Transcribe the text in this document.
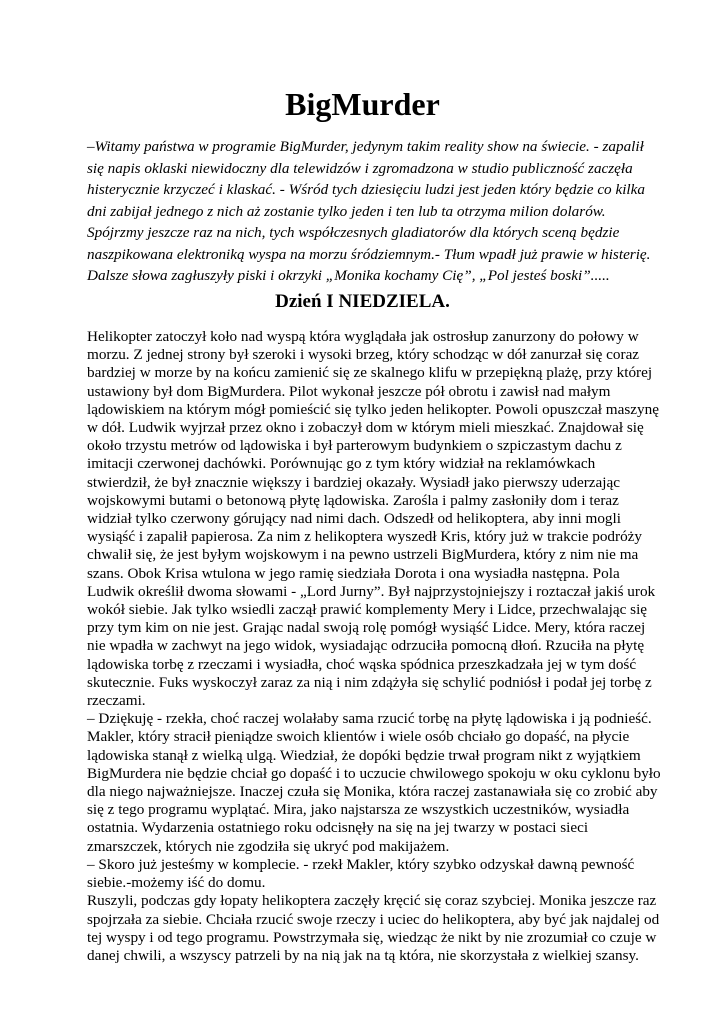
BigMurder
–Witamy państwa w programie BigMurder, jedynym takim reality show na świecie. - zapalił
się napis oklaski niewidoczny dla telewidzów i zgromadzona w studio publiczność zaczęła
histerycznie krzyczeć i klaskać. - Wśród tych dziesięciu ludzi jest jeden który będzie co kilka
dni zabijał jednego z nich aż zostanie tylko jeden i ten lub ta otrzyma milion dolarów.
Spójrzmy jeszcze raz na nich, tych współczesnych gladiatorów dla których sceną będzie
naszpikowana elektroniką wyspa na morzu śródziemnym.- Tłum wpadł już prawie w histerię.
Dalsze słowa zagłuszyły piski i okrzyki „Monika kochamy Cię”, „Pol jesteś boski”.....
Dzień I NIEDZIELA.
Helikopter zatoczył koło nad wyspą która wyglądała jak ostrosłup zanurzony do połowy w
morzu. Z jednej strony był szeroki i wysoki brzeg, który schodząc w dół zanurzał się coraz
bardziej w morze by na końcu zamienić się ze skalnego klifu w przepiękną plażę, przy której
ustawiony był dom BigMurdera. Pilot wykonał jeszcze pół obrotu i zawisł nad małym
lądowiskiem na którym mógł pomieścić się tylko jeden helikopter. Powoli opuszczał maszynę
w dół. Ludwik wyjrzał przez okno i zobaczył dom w którym mieli mieszkać. Znajdował się
około trzystu metrów od lądowiska i był parterowym budynkiem o szpiczastym dachu z
imitacji czerwonej dachówki. Porównując go z tym który widział na reklamówkach
stwierdził, że był znacznie większy i bardziej okazały. Wysiadł jako pierwszy uderzając
wojskowymi butami o betonową płytę lądowiska. Zarośla i palmy zasłoniły dom i teraz
widział tylko czerwony górujący nad nimi dach. Odszedł od helikoptera, aby inni mogli
wysiąść i zapalił papierosa. Za nim z helikoptera wyszedł Kris, który już w trakcie podróży
chwalił się, że jest byłym wojskowym i na pewno ustrzeli BigMurdera, który z nim nie ma
szans. Obok Krisa wtulona w jego ramię siedziała Dorota i ona wysiadła następna. Pola
Ludwik określił dwoma słowami - „Lord Jurny”. Był najprzystojniejszy i roztaczał jakiś urok
wokół siebie. Jak tylko wsiedli zaczął prawić komplementy Mery i Lidce, przechwalając się
przy tym kim on nie jest. Grając nadal swoją rolę pomógł wysiąść Lidce. Mery, która raczej
nie wpadła w zachwyt na jego widok, wysiadając odrzuciła pomocną dłoń. Rzuciła na płytę
lądowiska torbę z rzeczami i wysiadła, choć wąska spódnica przeszkadzała jej w tym dość
skutecznie. Fuks wyskoczył zaraz za nią i nim zdążyła się schylić podniósł i podał jej torbę z
rzeczami.
– Dziękuję - rzekła, choć raczej wolałaby sama rzucić torbę na płytę lądowiska i ją podnieść.
Makler, który stracił pieniądze swoich klientów i wiele osób chciało go dopaść, na płycie
lądowiska stanął z wielką ulgą. Wiedział, że dopóki będzie trwał program nikt z wyjątkiem
BigMurdera nie będzie chciał go dopaść i to uczucie chwilowego spokoju w oku cyklonu było
dla niego najważniejsze. Inaczej czuła się Monika, która raczej zastanawiała się co zrobić aby
się z tego programu wyplątać. Mira, jako najstarsza ze wszystkich uczestników, wysiadła
ostatnia. Wydarzenia ostatniego roku odcisnęły na się na jej twarzy w postaci sieci
zmarszczek, których nie zgodziła się ukryć pod makijażem.
– Skoro już jesteśmy w komplecie. - rzekł Makler, który szybko odzyskał dawną pewność
siebie.-możemy iść do domu.
Ruszyli, podczas gdy łopaty helikoptera zaczęły kręcić się coraz szybciej. Monika jeszcze raz
spojrzała za siebie. Chciała rzucić swoje rzeczy i uciec do helikoptera, aby być jak najdalej od
tej wyspy i od tego programu. Powstrzymała się, wiedząc że nikt by nie zrozumiał co czuje w
danej chwili, a wszyscy patrzeli by na nią jak na tą która, nie skorzystała z wielkiej szansy.
